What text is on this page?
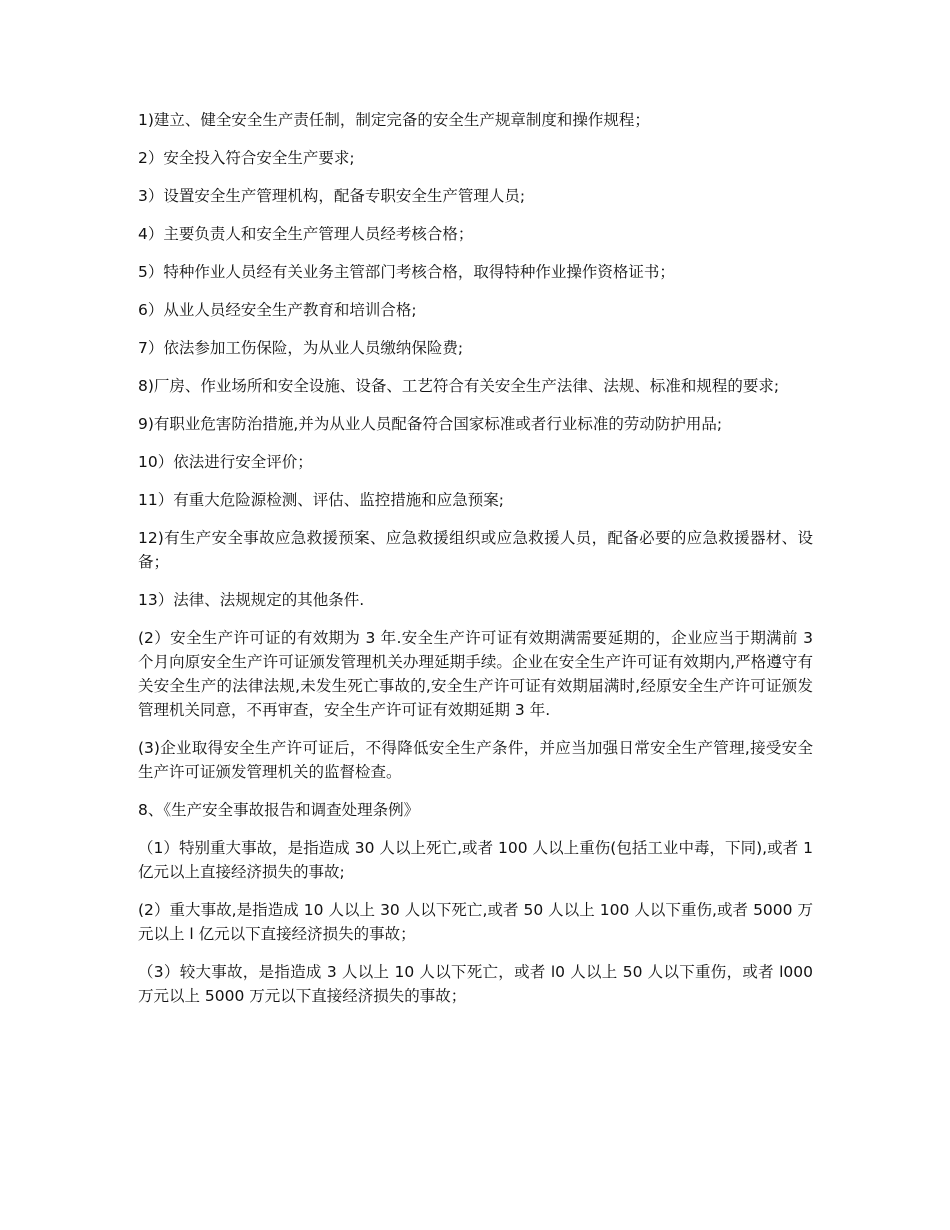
1)建立、健全安全生产责任制，制定完备的安全生产规章制度和操作规程；

2）安全投入符合安全生产要求;

3）设置安全生产管理机构，配备专职安全生产管理人员;

4）主要负责人和安全生产管理人员经考核合格；

5）特种作业人员经有关业务主管部门考核合格，取得特种作业操作资格证书；

6）从业人员经安全生产教育和培训合格;

7）依法参加工伤保险，为从业人员缴纳保险费;

8)厂房、作业场所和安全设施、设备、工艺符合有关安全生产法律、法规、标准和规程的要求;

9)有职业危害防治措施,并为从业人员配备符合国家标准或者行业标准的劳动防护用品;

10）依法进行安全评价；

11）有重大危险源检测、评估、监控措施和应急预案;

12)有生产安全事故应急救援预案、应急救援组织或应急救援人员，配备必要的应急救援器材、设备；

13）法律、法规规定的其他条件.

(2）安全生产许可证的有效期为 3 年.安全生产许可证有效期满需要延期的，企业应当于期满前 3 个月向原安全生产许可证颁发管理机关办理延期手续。企业在安全生产许可证有效期内,严格遵守有关安全生产的法律法规,未发生死亡事故的,安全生产许可证有效期届满时,经原安全生产许可证颁发管理机关同意，不再审查，安全生产许可证有效期延期 3 年.

(3)企业取得安全生产许可证后，不得降低安全生产条件，并应当加强日常安全生产管理,接受安全生产许可证颁发管理机关的监督检查。

8、《生产安全事故报告和调查处理条例》

（1）特别重大事故，是指造成 30 人以上死亡,或者 100 人以上重伤(包括工业中毒，下同),或者 1 亿元以上直接经济损失的事故;

(2）重大事故,是指造成 10 人以上 30 人以下死亡,或者 50 人以上 100 人以下重伤,或者 5000 万元以上 l 亿元以下直接经济损失的事故；

（3）较大事故，是指造成 3 人以上 10 人以下死亡，或者 l0 人以上 50 人以下重伤，或者 l000 万元以上 5000 万元以下直接经济损失的事故；
